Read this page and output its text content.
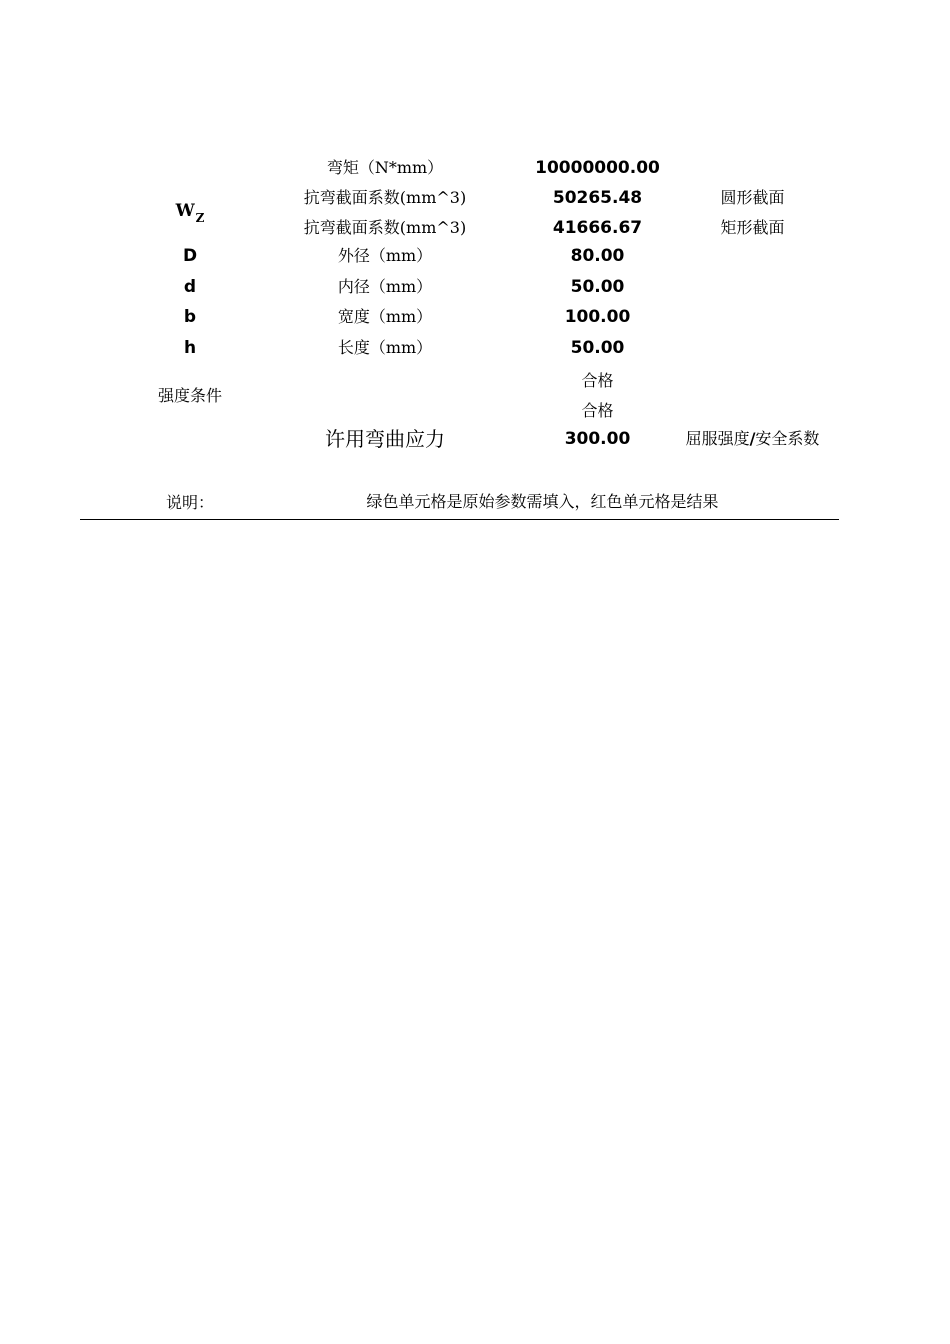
弯矩（N*mm）	10000000.00
$W_Z$
抗弯截面系数(mm^3)	50265.48	圆形截面
抗弯截面系数(mm^3)	41666.67	矩形截面
D	外径（mm）	80.00
d	内径（mm）	50.00
b	宽度（mm）	100.00
h	长度（mm）	50.00
强度条件
合格
合格
许用弯曲应力	300.00	屈服强度/安全系数
说明：	绿色单元格是原始参数需填入，红色单元格是结果
